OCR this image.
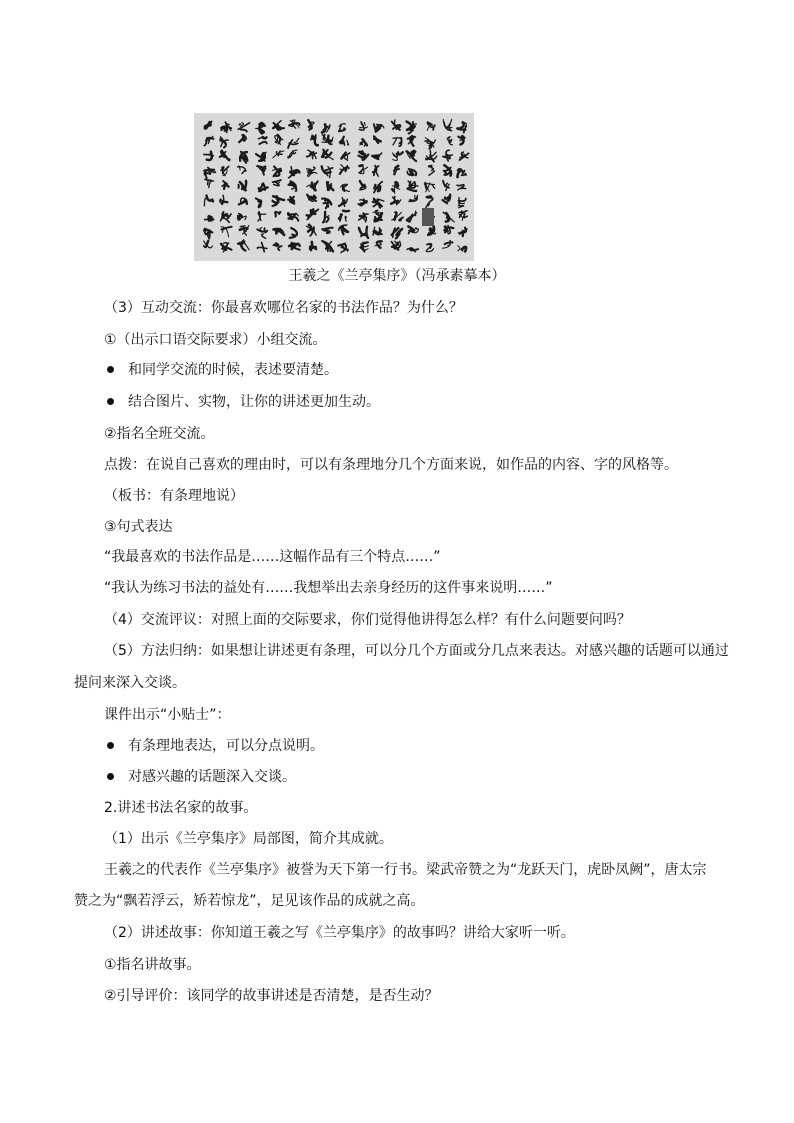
王羲之《兰亭集序》（冯承素摹本）
（3）互动交流：你最喜欢哪位名家的书法作品？为什么？
①（出示口语交际要求）小组交流。
和同学交流的时候，表述要清楚。
结合图片、实物，让你的讲述更加生动。
②指名全班交流。
点拨：在说自己喜欢的理由时，可以有条理地分几个方面来说，如作品的内容、字的风格等。
（板书：有条理地说）
③句式表达
“我最喜欢的书法作品是……这幅作品有三个特点……”
“我认为练习书法的益处有……我想举出去亲身经历的这件事来说明……”
（4）交流评议：对照上面的交际要求，你们觉得他讲得怎么样？有什么问题要问吗？
（5）方法归纳：如果想让讲述更有条理，可以分几个方面或分几点来表达。对感兴趣的话题可以通过
提问来深入交谈。
课件出示“小贴士”：
有条理地表达，可以分点说明。
对感兴趣的话题深入交谈。
2.讲述书法名家的故事。
（1）出示《兰亭集序》局部图，简介其成就。
王羲之的代表作《兰亭集序》被誉为天下第一行书。梁武帝赞之为“龙跃天门，虎卧凤阙”，唐太宗
赞之为“飘若浮云，矫若惊龙”，足见该作品的成就之高。
（2）讲述故事：你知道王羲之写《兰亭集序》的故事吗？讲给大家听一听。
①指名讲故事。
②引导评价：该同学的故事讲述是否清楚，是否生动？
